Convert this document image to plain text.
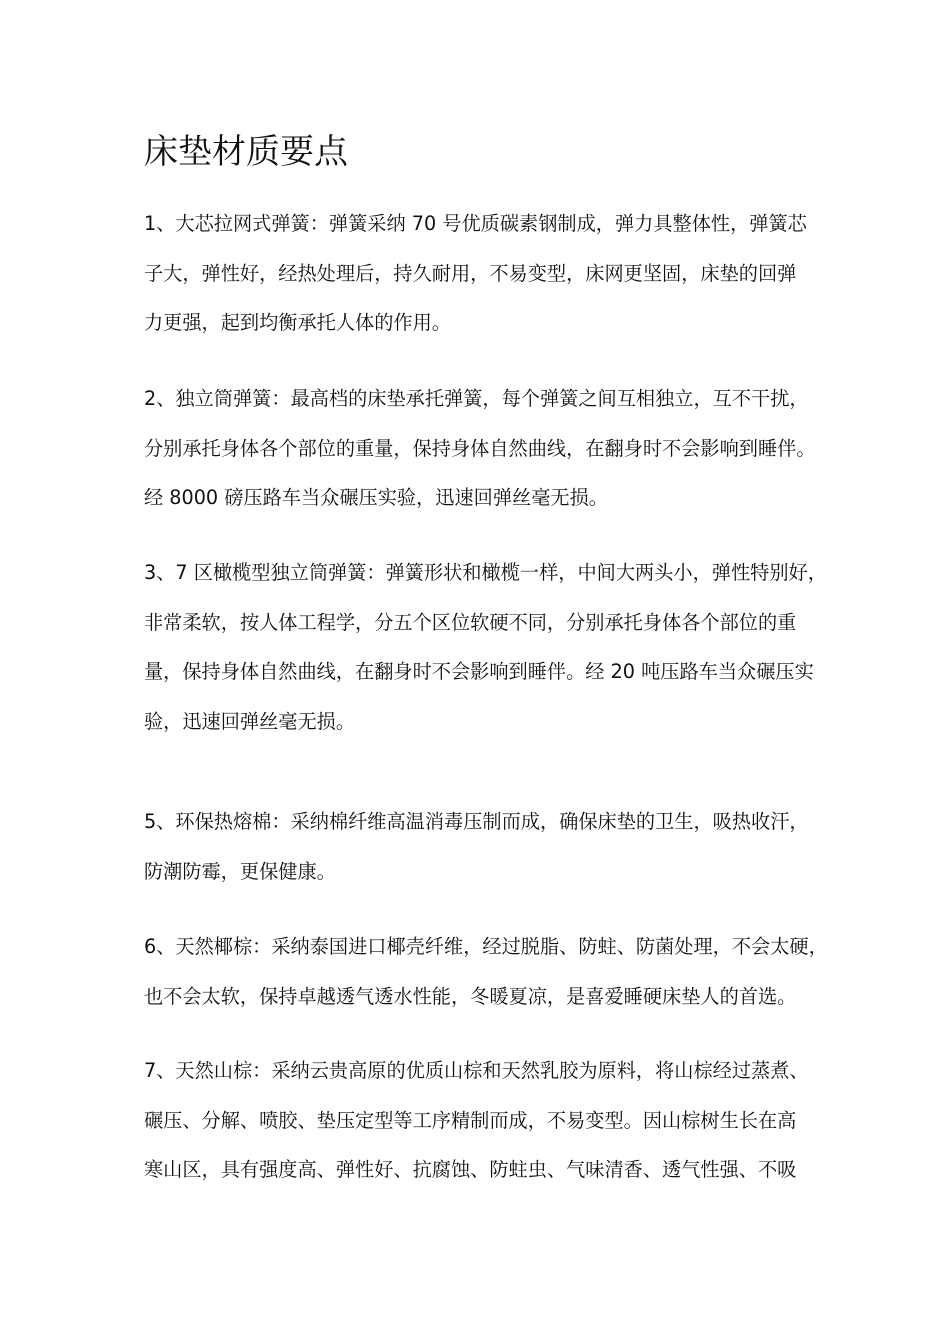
床垫材质要点

1、大芯拉网式弹簧：弹簧采纳 70 号优质碳素钢制成，弹力具整体性，弹簧芯
子大，弹性好，经热处理后，持久耐用，不易变型，床网更坚固，床垫的回弹
力更强，起到均衡承托人体的作用。

2、独立筒弹簧：最高档的床垫承托弹簧，每个弹簧之间互相独立，互不干扰，
分别承托身体各个部位的重量，保持身体自然曲线，在翻身时不会影响到睡伴。
经 8000 磅压路车当众碾压实验，迅速回弹丝毫无损。

3、7 区橄榄型独立筒弹簧：弹簧形状和橄榄一样，中间大两头小，弹性特别好，
非常柔软，按人体工程学，分五个区位软硬不同，分别承托身体各个部位的重
量，保持身体自然曲线，在翻身时不会影响到睡伴。经 20 吨压路车当众碾压实
验，迅速回弹丝毫无损。

5、环保热熔棉：采纳棉纤维高温消毒压制而成，确保床垫的卫生，吸热收汗，
防潮防霉，更保健康。

6、天然椰棕：采纳泰国进口椰壳纤维，经过脱脂、防蛀、防菌处理，不会太硬，
也不会太软，保持卓越透气透水性能，冬暖夏凉，是喜爱睡硬床垫人的首选。

7、天然山棕：采纳云贵高原的优质山棕和天然乳胶为原料，将山棕经过蒸煮、
碾压、分解、喷胶、垫压定型等工序精制而成，不易变型。因山棕树生长在高
寒山区，具有强度高、弹性好、抗腐蚀、防蛀虫、气味清香、透气性强、不吸
